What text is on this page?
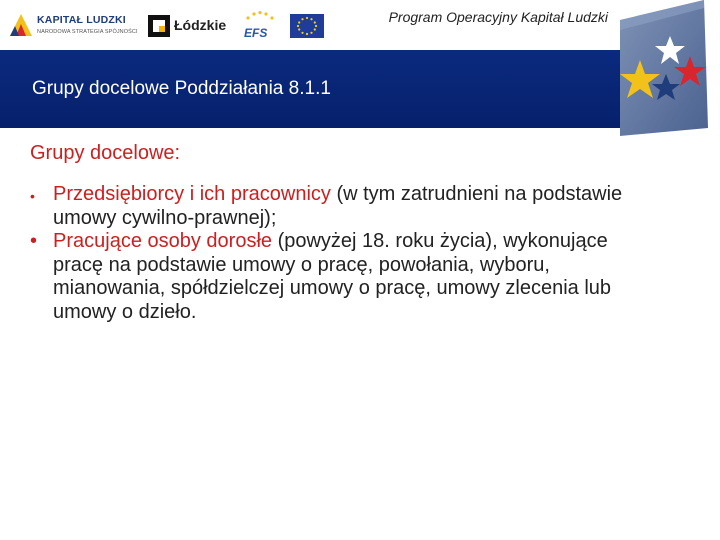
KAPITAŁ LUDZKI
NARODOWA STRATEGIA SPÓJNOŚCI	Łódzkie EFS
Program Operacyjny Kapitał Ludzki
Grupy docelowe Poddziałania 8.1.1

Grupy docelowe:

• Przedsiębiorcy i ich pracownicy (w tym zatrudnieni na podstawie umowy cywilno-prawnej);
• Pracujące osoby dorosłe (powyżej 18. roku życia), wykonujące pracę na podstawie umowy o pracę, powołania, wyboru, mianowania, spółdzielczej umowy o pracę, umowy zlecenia lub umowy o dzieło.
